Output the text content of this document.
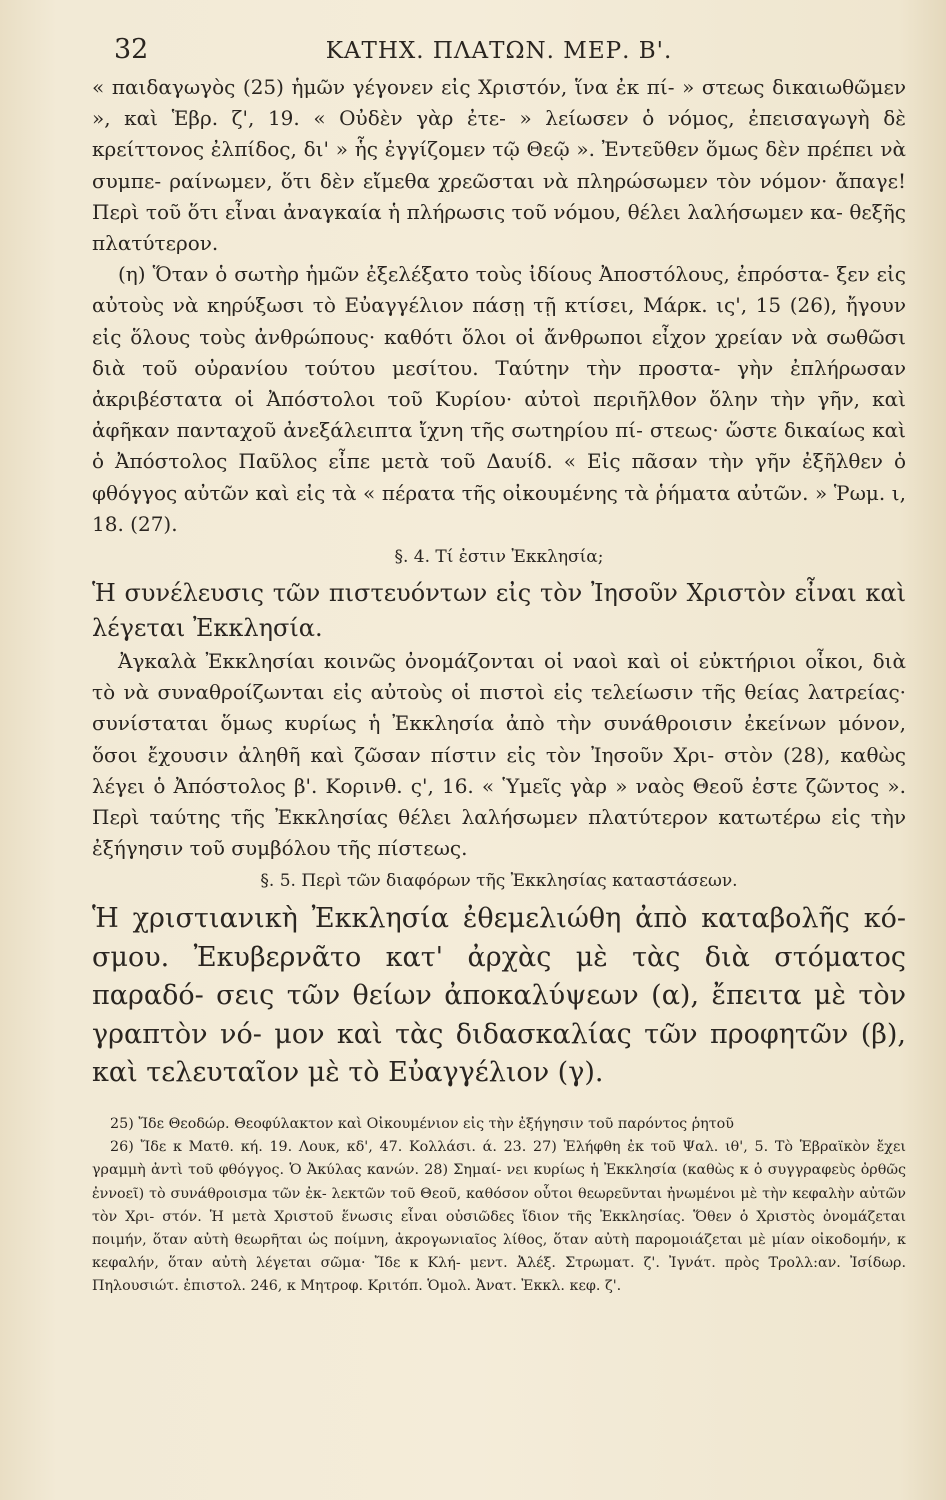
32	ΚΑΤΗΧ. ΠΛΑΤΩΝ. ΜΕΡ. Β'.

« παιδαγωγὸς (25) ἡμῶν γέγονεν εἰς Χριστόν, ἵνα ἐκ πί- » στεως δικαιωθῶμεν », καὶ Ἑβρ. ζ', 19. « Οὐδὲν γὰρ ἐτε- » λείωσεν ὁ νόμος, ἐπεισαγωγὴ δὲ κρείττονος ἐλπίδος, δι' » ἧς ἐγγίζομεν τῷ Θεῷ ». Ἐντεῦθεν ὅμως δὲν πρέπει νὰ συμπε- ραίνωμεν, ὅτι δὲν εἴμεθα χρεῶσται νὰ πληρώσωμεν τὸν νόμον· ἄπαγε! Περὶ τοῦ ὅτι εἶναι ἀναγκαία ἡ πλήρωσις τοῦ νόμου, θέλει λαλήσωμεν κα- θεξῆς πλατύτερον.

(η) Ὅταν ὁ σωτὴρ ἡμῶν ἐξελέξατο τοὺς ἰδίους Ἀποστόλους, ἐπρόστα- ξεν εἰς αὐτοὺς νὰ κηρύξωσι τὸ Εὐαγγέλιον πάσῃ τῇ κτίσει, Μάρκ. ις', 15 (26), ἤγουν εἰς ὅλους τοὺς ἀνθρώπους· καθότι ὅλοι οἱ ἄνθρωποι εἶχον χρείαν νὰ σωθῶσι διὰ τοῦ οὐρανίου τούτου μεσίτου. Ταύτην τὴν προστα- γὴν ἐπλήρωσαν ἀκριβέστατα οἱ Ἀπόστολοι τοῦ Κυρίου· αὐτοὶ περιῆλθον ὅλην τὴν γῆν, καὶ ἀφῆκαν πανταχοῦ ἀνεξάλειπτα ἴχνη τῆς σωτηρίου πί- στεως· ὥστε δικαίως καὶ ὁ Ἀπόστολος Παῦλος εἶπε μετὰ τοῦ Δαυίδ. « Εἰς πᾶσαν τὴν γῆν ἐξῆλθεν ὁ φθόγγος αὐτῶν καὶ εἰς τὰ « πέρατα τῆς οἰκουμένης τὰ ῥήματα αὐτῶν. » Ῥωμ. ι, 18. (27).

§. 4. Τί ἐστιν Ἐκκλησία;

Ἡ συνέλευσις τῶν πιστευόντων εἰς τὸν Ἰησοῦν Χριστὸν εἶναι καὶ λέγεται Ἐκκλησία.

Ἀγκαλὰ Ἐκκλησίαι κοινῶς ὀνομάζονται οἱ ναοὶ καὶ οἱ εὐκτήριοι οἶκοι, διὰ τὸ νὰ συναθροίζωνται εἰς αὐτοὺς οἱ πιστοὶ εἰς τελείωσιν τῆς θείας λατρείας· συνίσταται ὅμως κυρίως ἡ Ἐκκλησία ἀπὸ τὴν συνάθροισιν ἐκείνων μόνον, ὅσοι ἔχουσιν ἀληθῆ καὶ ζῶσαν πίστιν εἰς τὸν Ἰησοῦν Χρι- στὸν (28), καθὼς λέγει ὁ Ἀπόστολος β'. Κορινθ. ς', 16. « Ὑμεῖς γὰρ » ναὸς Θεοῦ ἐστε ζῶντος ». Περὶ ταύτης τῆς Ἐκκλησίας θέλει λαλήσωμεν πλατύτερον κατωτέρω εἰς τὴν ἐξήγησιν τοῦ συμβόλου τῆς πίστεως.

§. 5. Περὶ τῶν διαφόρων τῆς Ἐκκλησίας καταστάσεων.

Ἡ χριστιανικὴ Ἐκκλησία ἐθεμελιώθη ἀπὸ καταβολῆς κό- σμου. Ἐκυβερνᾶτο κατ' ἀρχὰς μὲ τὰς διὰ στόματος παραδό- σεις τῶν θείων ἀποκαλύψεων (α), ἔπειτα μὲ τὸν γραπτὸν νό- μον καὶ τὰς διδασκαλίας τῶν προφητῶν (β), καὶ τελευταῖον μὲ τὸ Εὐαγγέλιον (γ).

25) Ἴδε Θεοδώρ. Θεοφύλακτον καὶ Οἰκουμένιον εἰς τὴν ἐξήγησιν τοῦ παρόντος ῥητοῦ

26) Ἴδε κ Ματθ. κή. 19. Λουκ, κδ', 47. Κολλάσι. ά. 23. 27) Ἐλήφθη ἐκ τοῦ Ψαλ. ιθ', 5. Τὸ Ἑβραϊκὸν ἔχει γραμμὴ ἀντὶ τοῦ φθόγγος. Ὁ Ἀκύλας κανών. 28) Σημαί- νει κυρίως ἡ Ἐκκλησία (καθὼς κ ὁ συγγραφεὺς ὀρθῶς ἐννοεῖ) τὸ συνάθροισμα τῶν ἐκ- λεκτῶν τοῦ Θεοῦ, καθόσον οὗτοι θεωρεῦνται ἠνωμένοι μὲ τὴν κεφαλὴν αὐτῶν τὸν Χρι- στόν. Ἡ μετὰ Χριστοῦ ἕνωσις εἶναι οὐσιῶδες ἴδιον τῆς Ἐκκλησίας. Ὅθεν ὁ Χριστὸς ὀνομάζεται ποιμήν, ὅταν αὐτὴ θεωρῆται ὡς ποίμνη, ἀκρογωνιαῖος λίθος, ὅταν αὐτὴ παρομοιάζεται μὲ μίαν οἰκοδομήν, κ κεφαλήν, ὅταν αὐτὴ λέγεται σῶμα· Ἴδε κ Κλή- μεντ. Ἀλέξ. Στρωματ. ζ'. Ἰγνάτ. πρὸς Τρολλ:αν. Ἰσίδωρ. Πηλουσιώτ. ἐπιστολ. 246, κ Μητροφ. Κριτόπ. Ὁμολ. Ἀνατ. Ἐκκλ. κεφ. ζ'.
